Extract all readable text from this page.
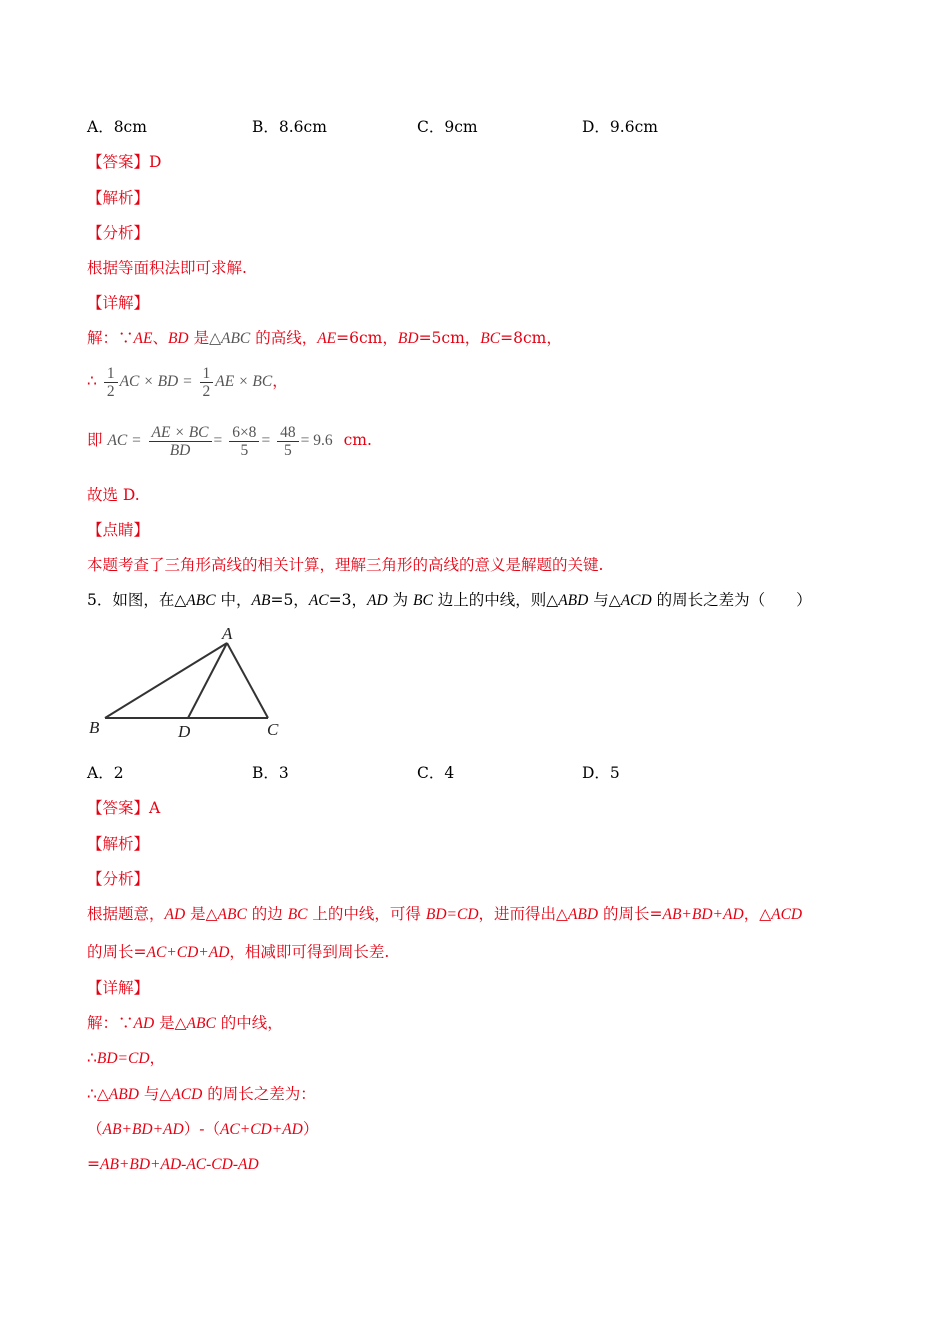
A．8cm	B．8.6cm	C．9cm	D．9.6cm
【答案】D
【解析】
【分析】
根据等面积法即可求解.
【详解】
解：∵AE、BD 是△ABC 的高线，AE=6cm，BD=5cm，BC=8cm，
∴ $\frac{1}{2}$ AC × BD = $\frac{1}{2}$ AE × BC，
即 AC = $\frac{AE \times BC}{BD} = \frac{6\times 8}{5} = \frac{48}{5} = 9.6$ cm.
故选 D.
【点睛】
本题考查了三角形高线的相关计算，理解三角形的高线的意义是解题的关键.
5．如图，在△ABC 中，AB=5，AC=3，AD 为 BC 边上的中线，则△ABD 与△ACD 的周长之差为（　　）
A
B	D	C
A．2	B．3	C．4	D．5
【答案】A
【解析】
【分析】
根据题意，AD 是△ABC 的边 BC 上的中线，可得 BD=CD，进而得出△ABD 的周长=AB+BD+AD，△ACD
的周长=AC+CD+AD，相减即可得到周长差.
【详解】
解：∵AD 是△ABC 的中线，
∴BD=CD，
∴△ABD 与△ACD 的周长之差为：
（AB+BD+AD）-（AC+CD+AD）
=AB+BD+AD-AC-CD-AD
